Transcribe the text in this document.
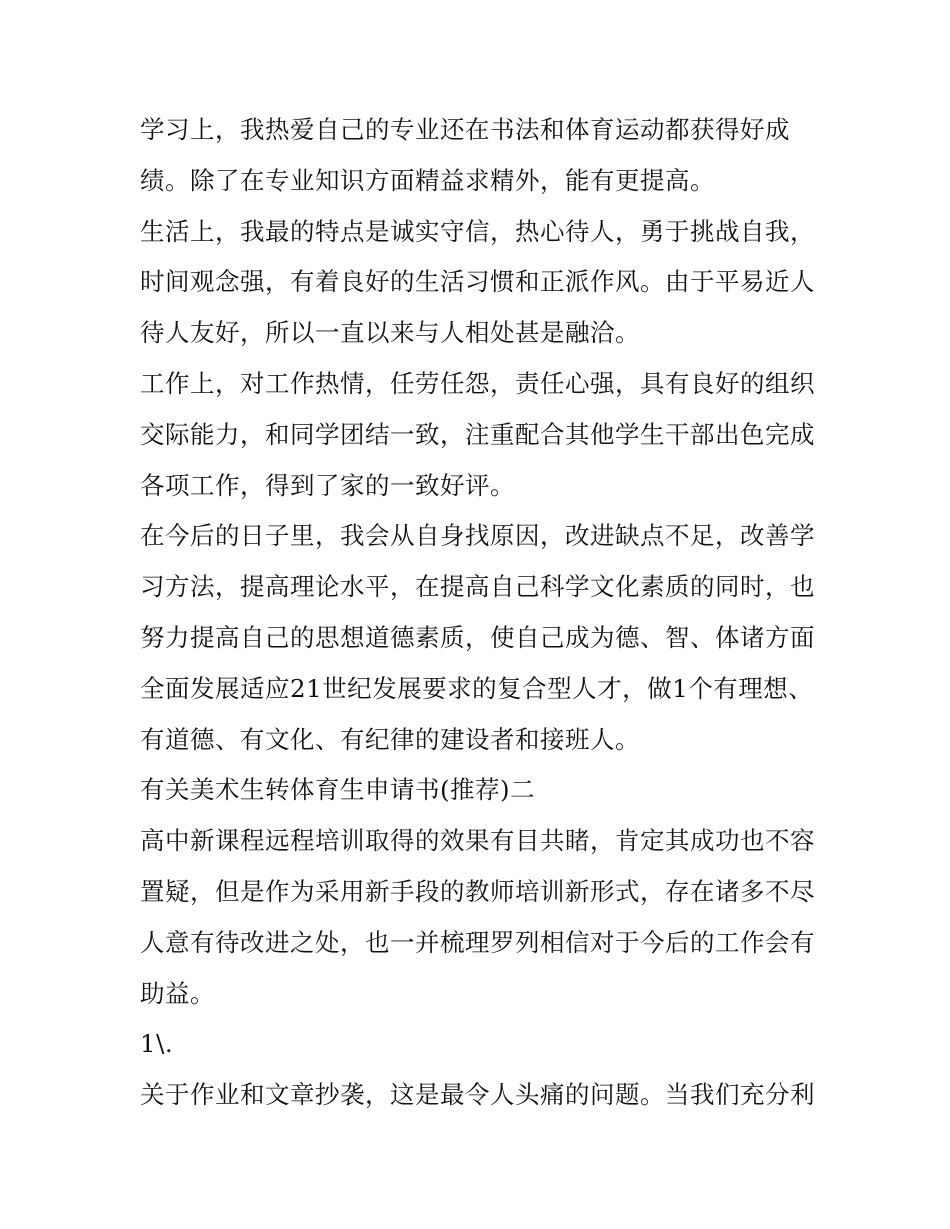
学习上，我热爱自己的专业还在书法和体育运动都获得好成绩。除了在专业知识方面精益求精外，能有更提高。

生活上，我最的特点是诚实守信，热心待人，勇于挑战自我，时间观念强，有着良好的生活习惯和正派作风。由于平易近人待人友好，所以一直以来与人相处甚是融洽。

工作上，对工作热情，任劳任怨，责任心强，具有良好的组织交际能力，和同学团结一致，注重配合其他学生干部出色完成各项工作，得到了家的一致好评。

在今后的日子里，我会从自身找原因，改进缺点不足，改善学习方法，提高理论水平，在提高自己科学文化素质的同时，也努力提高自己的思想道德素质，使自己成为德、智、体诸方面全面发展适应21世纪发展要求的复合型人才，做1个有理想、有道德、有文化、有纪律的建设者和接班人。

有关美术生转体育生申请书(推荐)二

高中新课程远程培训取得的效果有目共睹，肯定其成功也不容置疑，但是作为采用新手段的教师培训新形式，存在诸多不尽人意有待改进之处，也一并梳理罗列相信对于今后的工作会有助益。

1\.

关于作业和文章抄袭，这是最令人头痛的问题。当我们充分利
